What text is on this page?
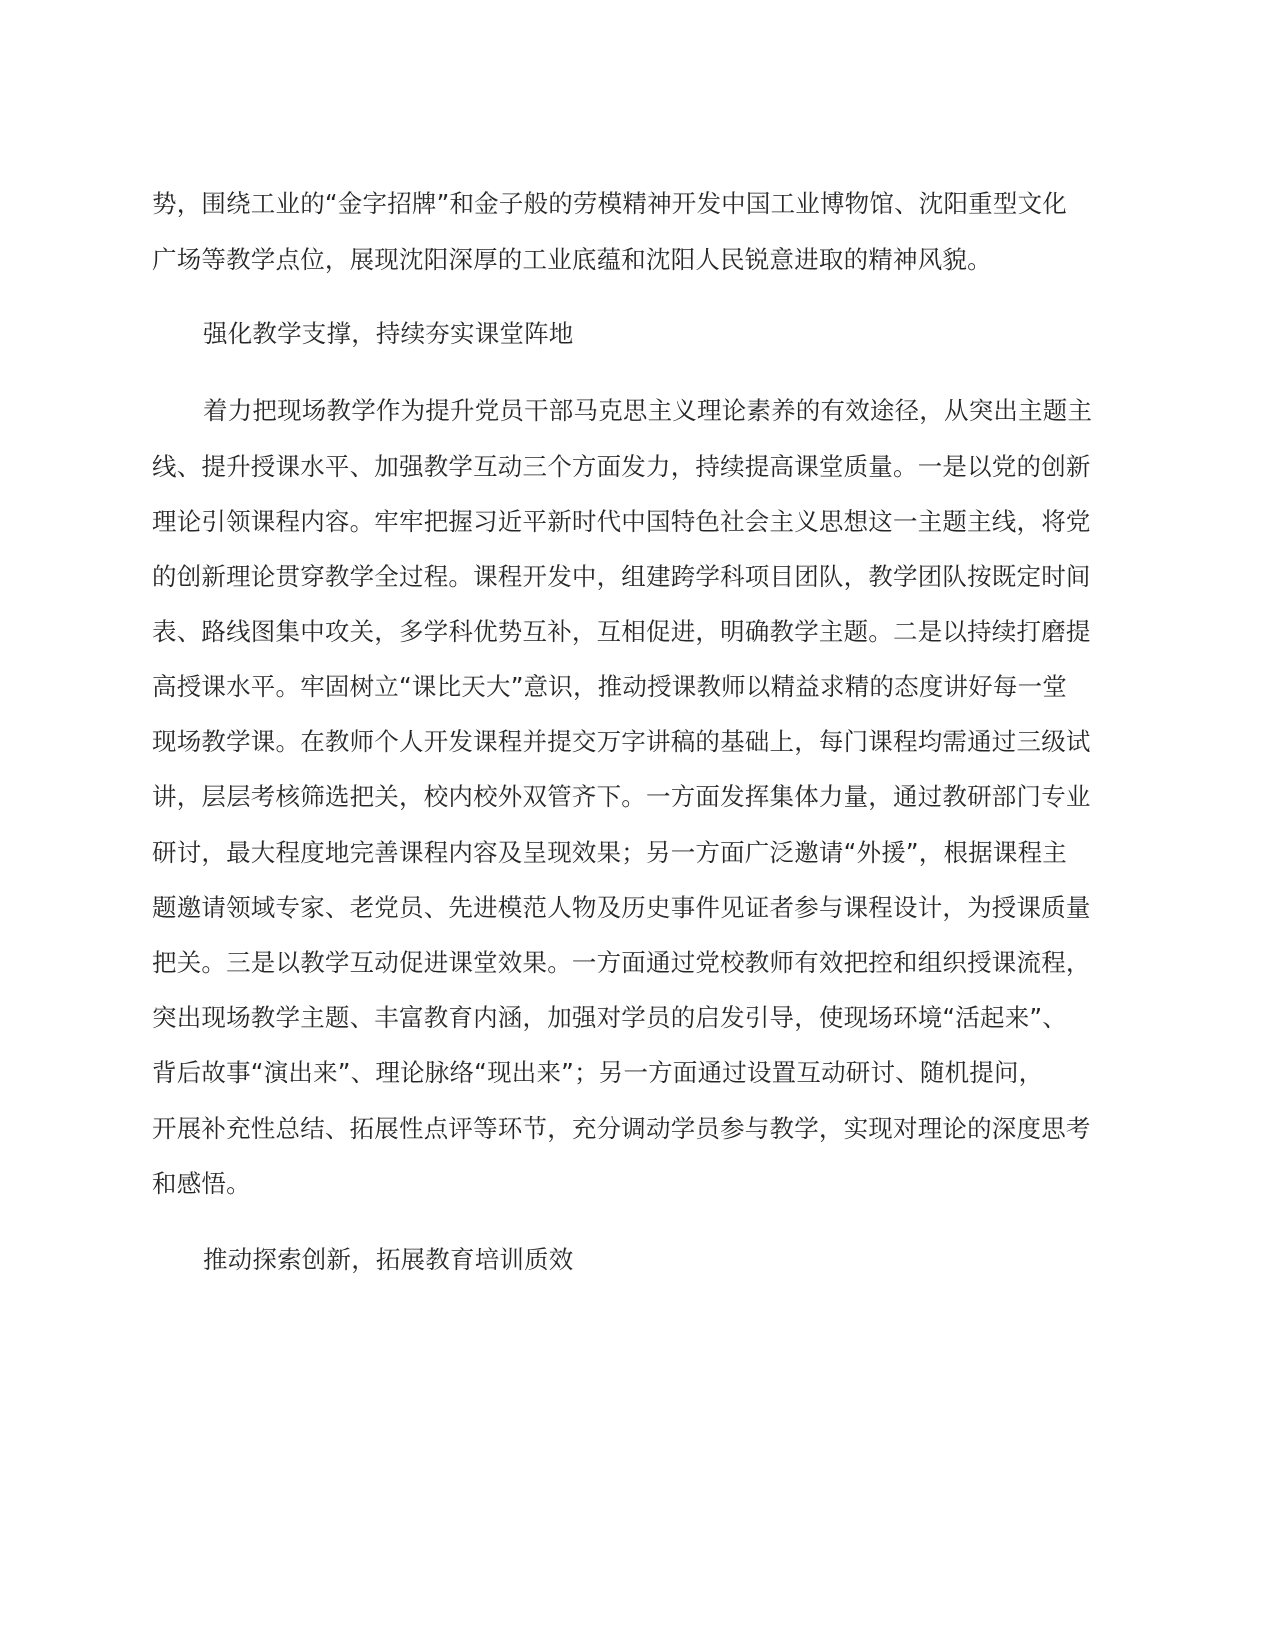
势，围绕工业的“金字招牌”和金子般的劳模精神开发中国工业博物馆、沈阳重型文化
广场等教学点位，展现沈阳深厚的工业底蕴和沈阳人民锐意进取的精神风貌。
强化教学支撑，持续夯实课堂阵地
着力把现场教学作为提升党员干部马克思主义理论素养的有效途径，从突出主题主
线、提升授课水平、加强教学互动三个方面发力，持续提高课堂质量。一是以党的创新
理论引领课程内容。牢牢把握习近平新时代中国特色社会主义思想这一主题主线，将党
的创新理论贯穿教学全过程。课程开发中，组建跨学科项目团队，教学团队按既定时间
表、路线图集中攻关，多学科优势互补，互相促进，明确教学主题。二是以持续打磨提
高授课水平。牢固树立“课比天大”意识，推动授课教师以精益求精的态度讲好每一堂
现场教学课。在教师个人开发课程并提交万字讲稿的基础上，每门课程均需通过三级试
讲，层层考核筛选把关，校内校外双管齐下。一方面发挥集体力量，通过教研部门专业
研讨，最大程度地完善课程内容及呈现效果；另一方面广泛邀请“外援”，根据课程主
题邀请领域专家、老党员、先进模范人物及历史事件见证者参与课程设计，为授课质量
把关。三是以教学互动促进课堂效果。一方面通过党校教师有效把控和组织授课流程，
突出现场教学主题、丰富教育内涵，加强对学员的启发引导，使现场环境“活起来”、
背后故事“演出来”、理论脉络“现出来”；另一方面通过设置互动研讨、随机提问，
开展补充性总结、拓展性点评等环节，充分调动学员参与教学，实现对理论的深度思考
和感悟。
推动探索创新，拓展教育培训质效
